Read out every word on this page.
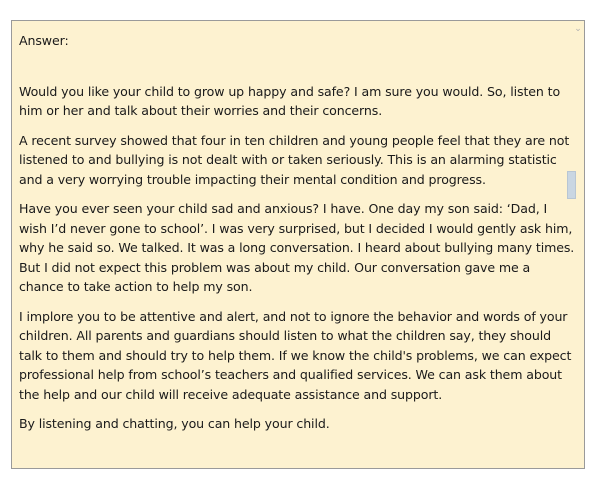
⌄

Answer:

Would you like your child to grow up happy and safe? I am sure you would. So, listen to him or her and talk about their worries and their concerns.

A recent survey showed that four in ten children and young people feel that they are not listened to and bullying is not dealt with or taken seriously. This is an alarming statistic and a very worrying trouble impacting their mental condition and progress.

Have you ever seen your child sad and anxious? I have. One day my son said: ‘Dad, I wish I’d never gone to school’. I was very surprised, but I decided I would gently ask him, why he said so. We talked. It was a long conversation. I heard about bullying many times. But I did not expect this problem was about my child. Our conversation gave me a chance to take action to help my son.

I implore you to be attentive and alert, and not to ignore the behavior and words of your children. All parents and guardians should listen to what the children say, they should talk to them and should try to help them. If we know the child's problems, we can expect professional help from school’s teachers and qualified services. We can ask them about the help and our child will receive adequate assistance and support.

By listening and chatting, you can help your child.
